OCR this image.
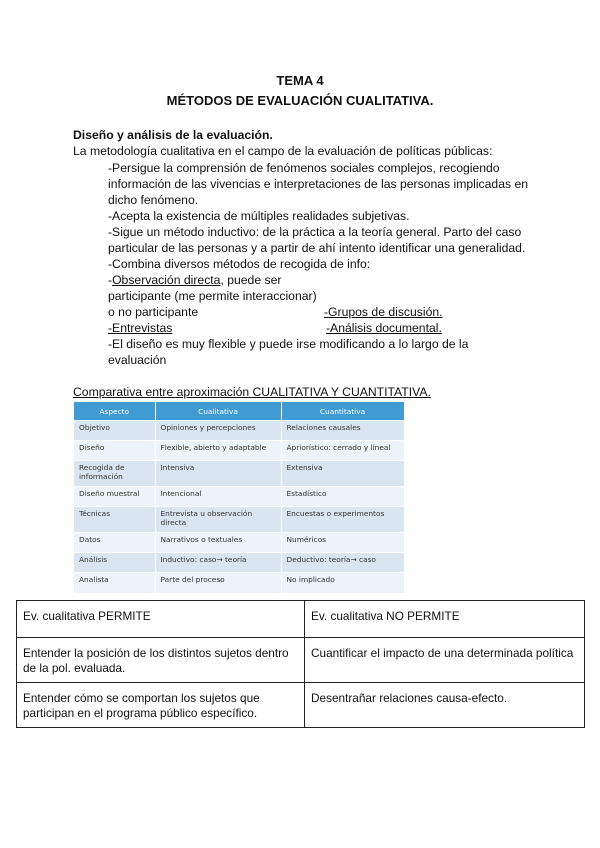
TEMA 4
MÉTODOS DE EVALUACIÓN CUALITATIVA.
Diseño y análisis de la evaluación.
La metodología cualitativa en el campo de la evaluación de políticas públicas:
-Persigue la comprensión de fenómenos sociales complejos, recogiendo
información de las vivencias e interpretaciones de las personas implicadas en
dicho fenómeno.
-Acepta la existencia de múltiples realidades subjetivas.
-Sigue un método inductivo: de la práctica a la teoría general. Parto del caso
particular de las personas y a partir de ahí intento identificar una generalidad.
-Combina diversos métodos de recogida de info:
-Observación directa, puede ser
participante (me permite interaccionar)
o no participante	-Grupos de discusión.
-Entrevistas	-Análisis documental.
-El diseño es muy flexible y puede irse modificando a lo largo de la
evaluación
Comparativa entre aproximación CUALITATIVA Y CUANTITATIVA.
Aspecto	Cualitativa	Cuantitativa
Objetivo	Opiniones y percepciones	Relaciones causales
Diseño	Flexible, abierto y adaptable	Apriorístico: cerrado y lineal
Recogida de información	Intensiva	Extensiva
Diseño muestral	Intencional	Estadístico
Técnicas	Entrevista u observación directa	Encuestas o experimentos
Datos	Narrativos o textuales	Numéricos
Análisis	Inductivo: caso→ teoría	Deductivo: teoría→ caso
Analista	Parte del proceso	No implicado
Ev. cualitativa PERMITE	Ev. cualitativa NO PERMITE
Entender la posición de los distintos sujetos dentro de la pol. evaluada.	Cuantificar el impacto de una determinada política
Entender cómo se comportan los sujetos que participan en el programa público específico.	Desentrañar relaciones causa-efecto.
